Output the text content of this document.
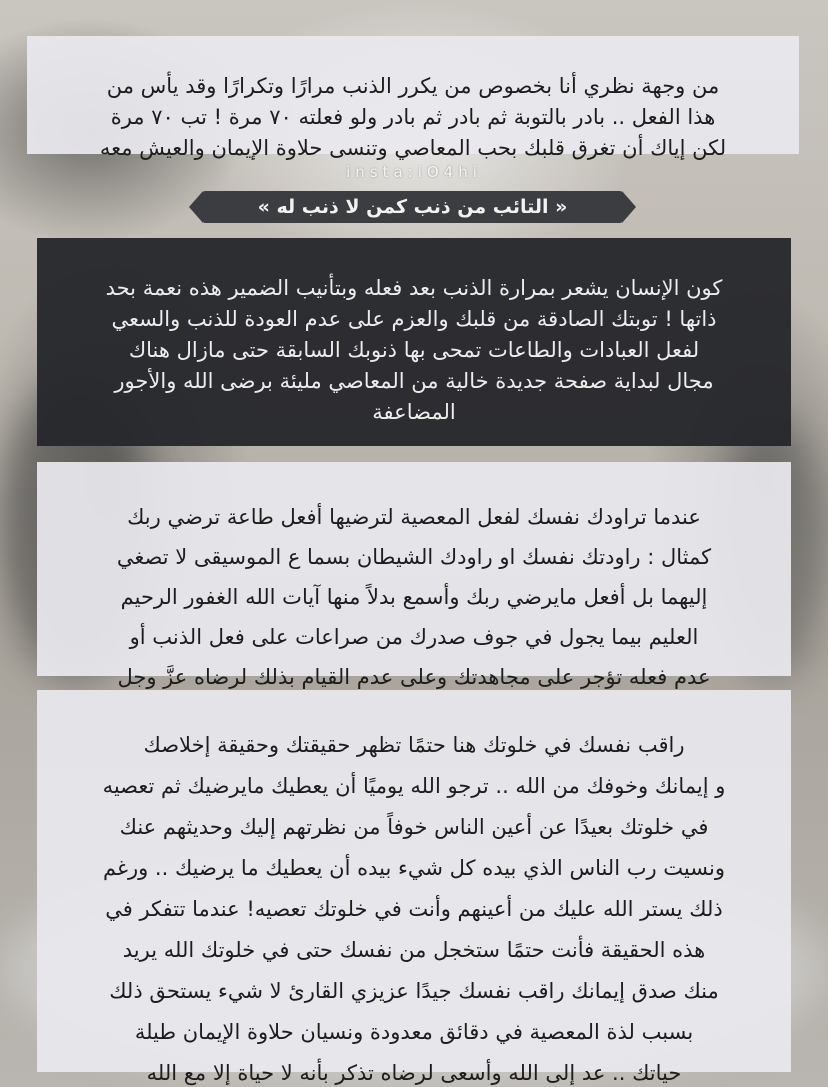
من وجهة نظري أنا بخصوص من يكرر الذنب مرارًا وتكرارًا وقد يأس من
هذا الفعل .. بادر بالتوبة ثم بادر ثم بادر ولو فعلته ٧٠ مرة ! تب ٧٠ مرة
لكن إياك أن تغرق قلبك بحب المعاصي وتنسى حلاوة الإيمان والعيش معه

insta:iO4hi
« التائب من ذنب كمن لا ذنب له »

كون الإنسان يشعر بمرارة الذنب بعد فعله وبتأنيب الضمير هذه نعمة بحد
ذاتها ! توبتك الصادقة من قلبك والعزم على عدم العودة للذنب والسعي
لفعل العبادات والطاعات تمحى بها ذنوبك السابقة حتى مازال هناك
مجال لبداية صفحة جديدة خالية من المعاصي مليئة برضى الله والأجور
المضاعفة

عندما تراودك نفسك لفعل المعصية لترضيها أفعل طاعة ترضي ربك
كمثال : راودتك نفسك او راودك الشيطان بسما ع الموسيقى لا تصغي
إليهما بل أفعل مايرضي ربك وأسمع بدلاً منها آيات الله الغفور الرحيم
العليم بيما يجول في جوف صدرك من صراعات على فعل الذنب أو
عدم فعله تؤجر على مجاهدتك وعلى عدم القيام بذلك لرضاه عزَّ وجل

راقب نفسك في خلوتك هنا حتمًا تظهر حقيقتك وحقيقة إخلاصك
و إيمانك وخوفك من الله .. ترجو الله يوميًا أن يعطيك مايرضيك ثم تعصيه
في خلوتك بعيدًا عن أعين الناس خوفاً من نظرتهم إليك وحديثهم عنك
ونسيت رب الناس الذي بيده كل شيء بيده أن يعطيك ما يرضيك .. ورغم
ذلك يستر الله عليك من أعينهم وأنت في خلوتك تعصيه! عندما تتفكر في
هذه الحقيقة فأنت حتمًا ستخجل من نفسك حتى في خلوتك الله يريد
منك صدق إيمانك راقب نفسك جيدًا عزيزي القارئ لا شيء يستحق ذلك
بسبب لذة المعصية في دقائق معدودة ونسيان حلاوة الإيمان طيلة
حياتك .. عد إلى الله وأسعى لرضاه تذكر بأنه لا حياة إلا مع الله
